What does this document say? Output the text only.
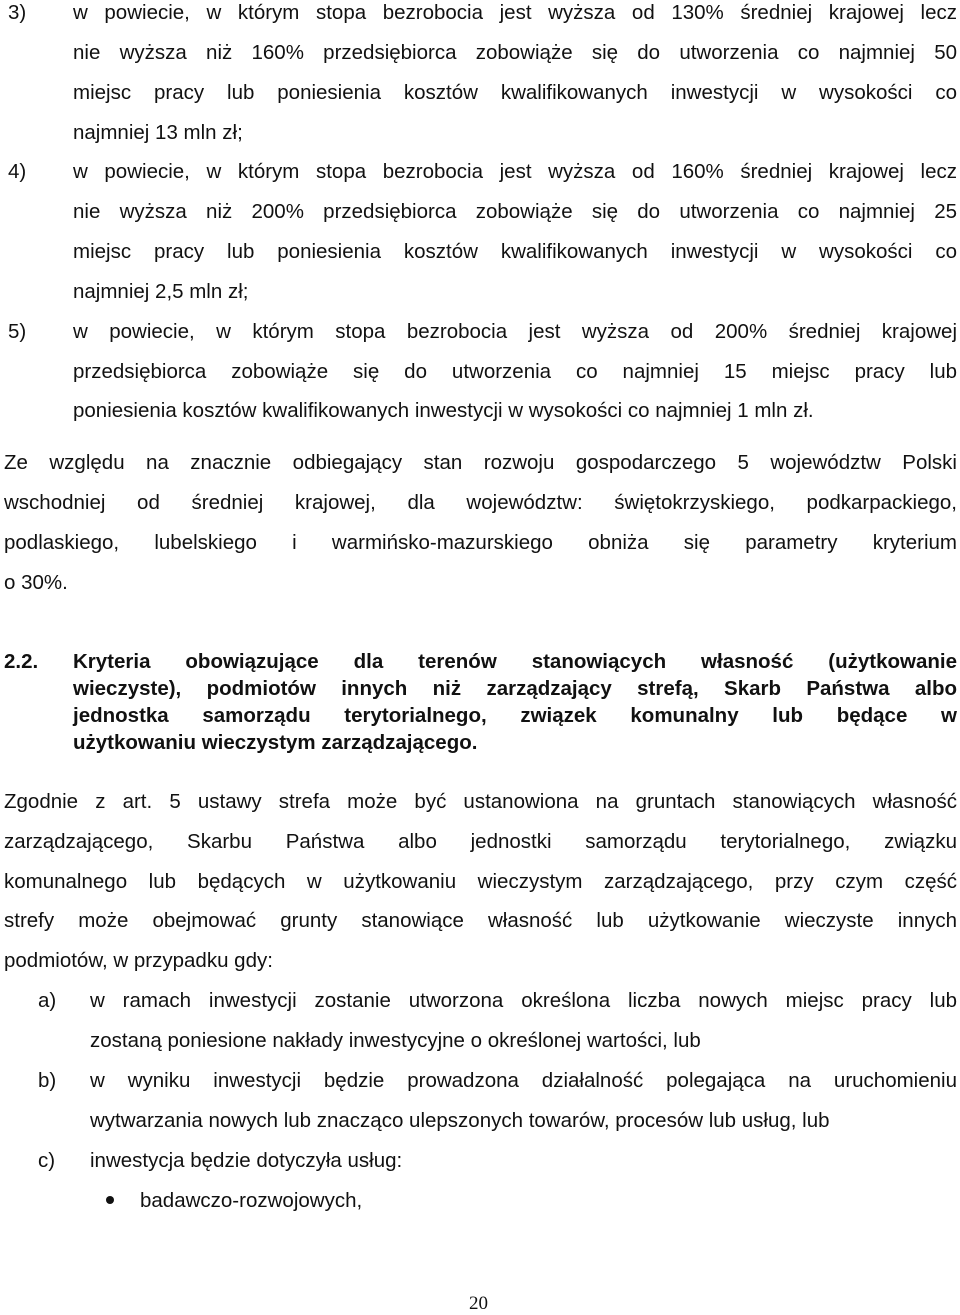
3) w powiecie, w którym stopa bezrobocia jest wyższa od 130% średniej krajowej lecz
nie wyższa niż 160% przedsiębiorca zobowiąże się do utworzenia co najmniej 50
miejsc pracy lub poniesienia kosztów kwalifikowanych inwestycji w wysokości co
najmniej 13 mln zł;
4) w powiecie, w którym stopa bezrobocia jest wyższa od 160% średniej krajowej lecz
nie wyższa niż 200% przedsiębiorca zobowiąże się do utworzenia co najmniej 25
miejsc pracy lub poniesienia kosztów kwalifikowanych inwestycji w wysokości co
najmniej 2,5 mln zł;
5) w powiecie, w którym stopa bezrobocia jest wyższa od 200% średniej krajowej
przedsiębiorca zobowiąże się do utworzenia co najmniej 15 miejsc pracy lub
poniesienia kosztów kwalifikowanych inwestycji w wysokości co najmniej 1 mln zł.
Ze względu na znacznie odbiegający stan rozwoju gospodarczego 5 województw Polski
wschodniej od średniej krajowej, dla województw: świętokrzyskiego, podkarpackiego,
podlaskiego, lubelskiego i warmińsko-mazurskiego obniża się parametry kryterium
o 30%.
2.2. Kryteria obowiązujące dla terenów stanowiących własność (użytkowanie
wieczyste), podmiotów innych niż zarządzający strefą, Skarb Państwa albo
jednostka samorządu terytorialnego, związek komunalny lub będące w
użytkowaniu wieczystym zarządzającego.
Zgodnie z art. 5 ustawy strefa może być ustanowiona na gruntach stanowiących własność
zarządzającego, Skarbu Państwa albo jednostki samorządu terytorialnego, związku
komunalnego lub będących w użytkowaniu wieczystym zarządzającego, przy czym część
strefy może obejmować grunty stanowiące własność lub użytkowanie wieczyste innych
podmiotów, w przypadku gdy:
a) w ramach inwestycji zostanie utworzona określona liczba nowych miejsc pracy lub
zostaną poniesione nakłady inwestycyjne o określonej wartości, lub
b) w wyniku inwestycji będzie prowadzona działalność polegająca na uruchomieniu
wytwarzania nowych lub znacząco ulepszonych towarów, procesów lub usług, lub
c) inwestycja będzie dotyczyła usług:
badawczo-rozwojowych,
20
